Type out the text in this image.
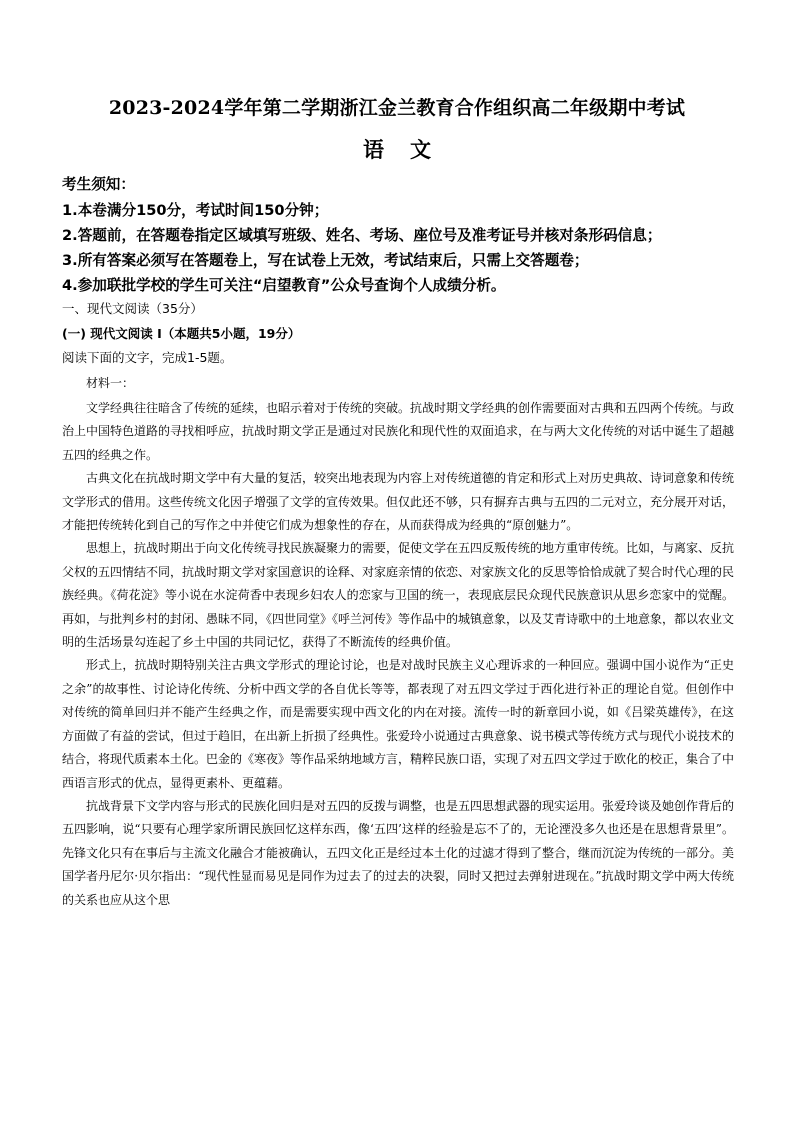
2023-2024学年第二学期浙江金兰教育合作组织高二年级期中考试
语文
考生须知：
1.本卷满分150分，考试时间150分钟；
2.答题前，在答题卷指定区域填写班级、姓名、考场、座位号及准考证号并核对条形码信息；
3.所有答案必须写在答题卷上，写在试卷上无效，考试结束后，只需上交答题卷；
4.参加联批学校的学生可关注“启望教育”公众号查询个人成绩分析。
一、现代文阅读（35分）
(一) 现代文阅读 I（本题共5小题，19分）
阅读下面的文字，完成1-5题。
材料一：

文学经典往往暗含了传统的延续，也昭示着对于传统的突破。抗战时期文学经典的创作需要面对古典和五四两个传统。与政治上中国特色道路的寻找相呼应，抗战时期文学正是通过对民族化和现代性的双面追求，在与两大文化传统的对话中诞生了超越五四的经典之作。

古典文化在抗战时期文学中有大量的复活，较突出地表现为内容上对传统道德的肯定和形式上对历史典故、诗词意象和传统文学形式的借用。这些传统文化因子增强了文学的宣传效果。但仅此还不够，只有摒弃古典与五四的二元对立，充分展开对话，才能把传统转化到自己的写作之中并使它们成为想象性的存在，从而获得成为经典的“原创魅力”。

思想上，抗战时期出于向文化传统寻找民族凝聚力的需要，促使文学在五四反叛传统的地方重审传统。比如，与离家、反抗父权的五四情结不同，抗战时期文学对家国意识的诠释、对家庭亲情的依恋、对家族文化的反思等恰恰成就了契合时代心理的民族经典。《荷花淀》等小说在水淀荷香中表现乡妇农人的恋家与卫国的统一，表现底层民众现代民族意识从思乡恋家中的觉醒。再如，与批判乡村的封闭、愚昧不同，《四世同堂》《呼兰河传》等作品中的城镇意象，以及艾青诗歌中的土地意象，都以农业文明的生活场景勾连起了乡土中国的共同记忆，获得了不断流传的经典价值。

形式上，抗战时期特别关注古典文学形式的理论讨论，也是对战时民族主义心理诉求的一种回应。强调中国小说作为“正史之余”的故事性、讨论诗化传统、分析中西文学的各自优长等等，都表现了对五四文学过于西化进行补正的理论自觉。但创作中对传统的简单回归并不能产生经典之作，而是需要实现中西文化的内在对接。流传一时的新章回小说，如《吕梁英雄传》，在这方面做了有益的尝试，但过于趋旧，在出新上折损了经典性。张爱玲小说通过古典意象、说书模式等传统方式与现代小说技术的结合，将现代质素本土化。巴金的《寒夜》等作品采纳地域方言，精粹民族口语，实现了对五四文学过于欧化的校正，集合了中西语言形式的优点，显得更素朴、更蕴藉。

抗战背景下文学内容与形式的民族化回归是对五四的反拨与调整，也是五四思想武器的现实运用。张爱玲谈及她创作背后的五四影响，说“只要有心理学家所谓民族回忆这样东西，像‘五四’这样的经验是忘不了的，无论湮没多久也还是在思想背景里”。先锋文化只有在事后与主流文化融合才能被确认，五四文化正是经过本土化的过滤才得到了整合，继而沉淀为传统的一部分。美国学者丹尼尔·贝尔指出：“现代性显而易见是同作为过去了的过去的决裂，同时又把过去弹射进现在。”抗战时期文学中两大传统的关系也应从这个思
